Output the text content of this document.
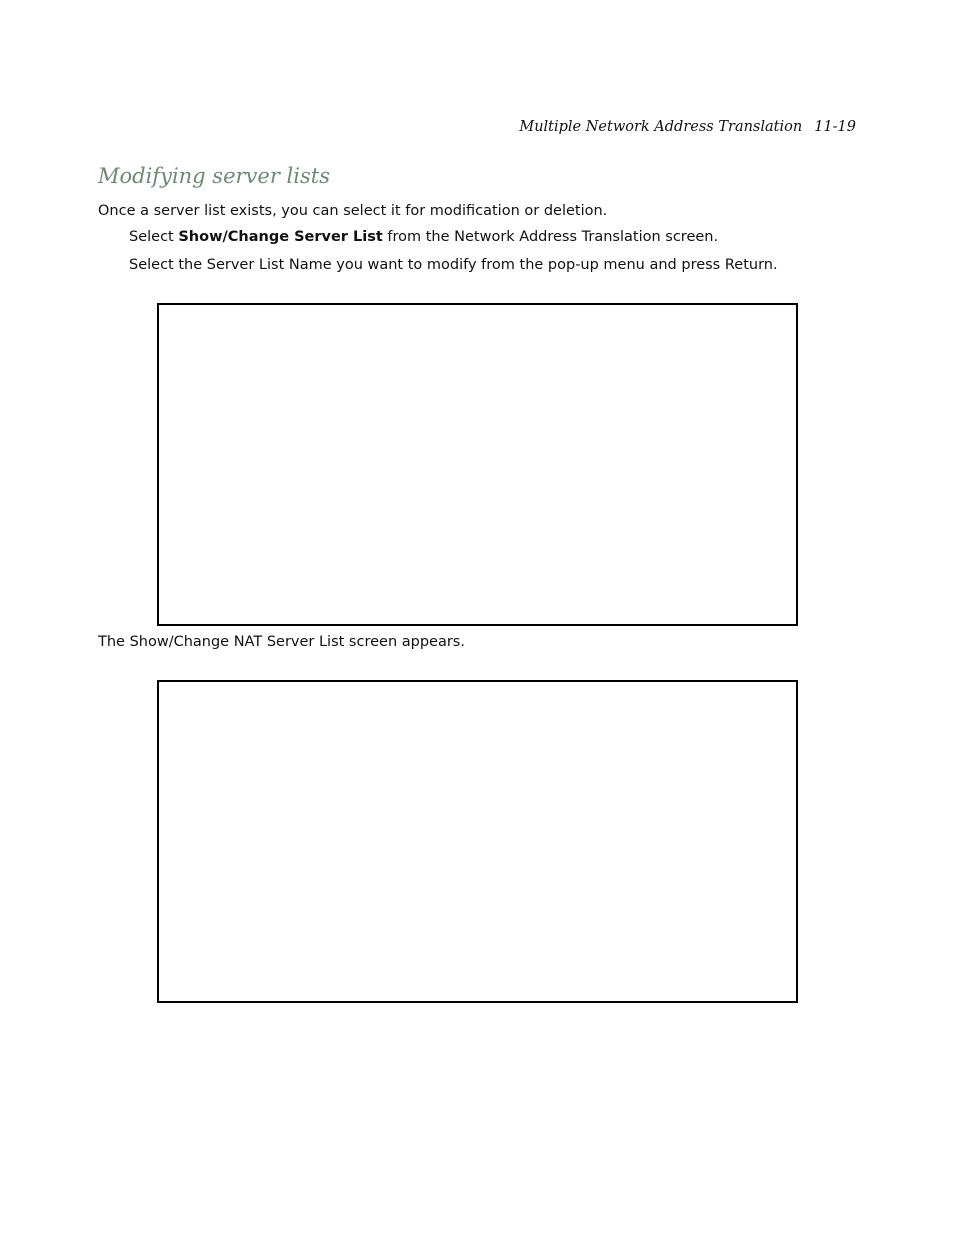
Multiple Network Address Translation 11-19
Modifying server lists

Once a server list exists, you can select it for modification or deletion.

Select Show/Change Server List from the Network Address Translation screen.

Select the Server List Name you want to modify from the pop-up menu and press Return.

The Show/Change NAT Server List screen appears.
